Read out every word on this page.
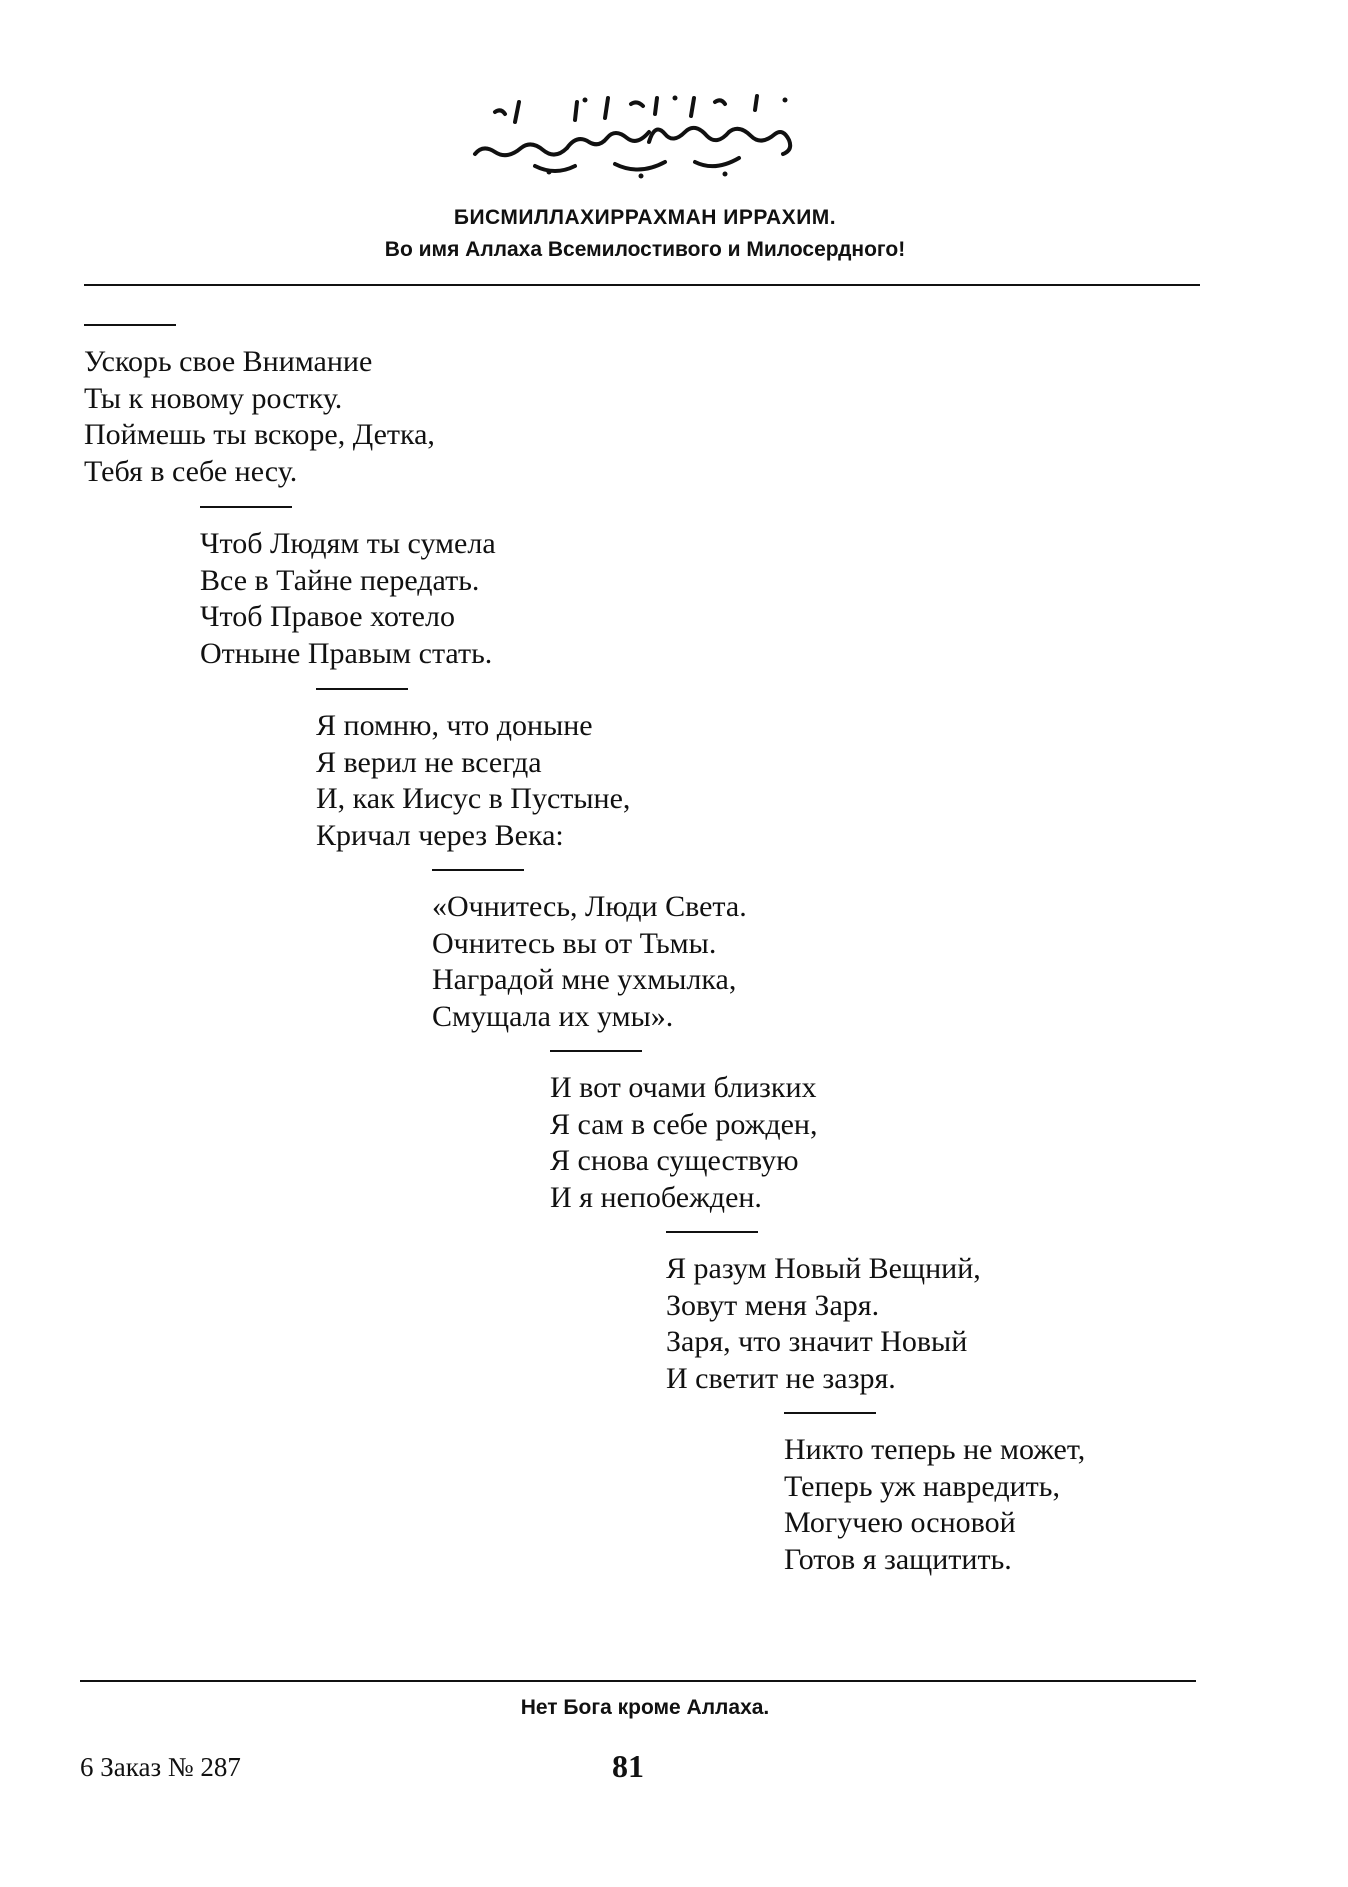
БИСМИЛЛАХИРРАХМАН ИРРАХИМ.
Во имя Аллаха Всемилостивого и Милосердного!
Ускорь свое Внимание
Ты к новому ростку.
Поймешь ты вскоре, Детка,
Тебя в себе несу.
Чтоб Людям ты сумела
Все в Тайне передать.
Чтоб Правое хотело
Отныне Правым стать.
Я помню, что доныне
Я верил не всегда
И, как Иисус в Пустыне,
Кричал через Века:
«Очнитесь, Люди Света.
Очнитесь вы от Тьмы.
Наградой мне ухмылка,
Смущала их умы».
И вот очами близких
Я сам в себе рожден,
Я снова существую
И я непобежден.
Я разум Новый Вещний,
Зовут меня Заря.
Заря, что значит Новый
И светит не зазря.
Никто теперь не может,
Теперь уж навредить,
Могучею основой
Готов я защитить.
Нет Бога кроме Аллаха.
6 Заказ № 287	81
